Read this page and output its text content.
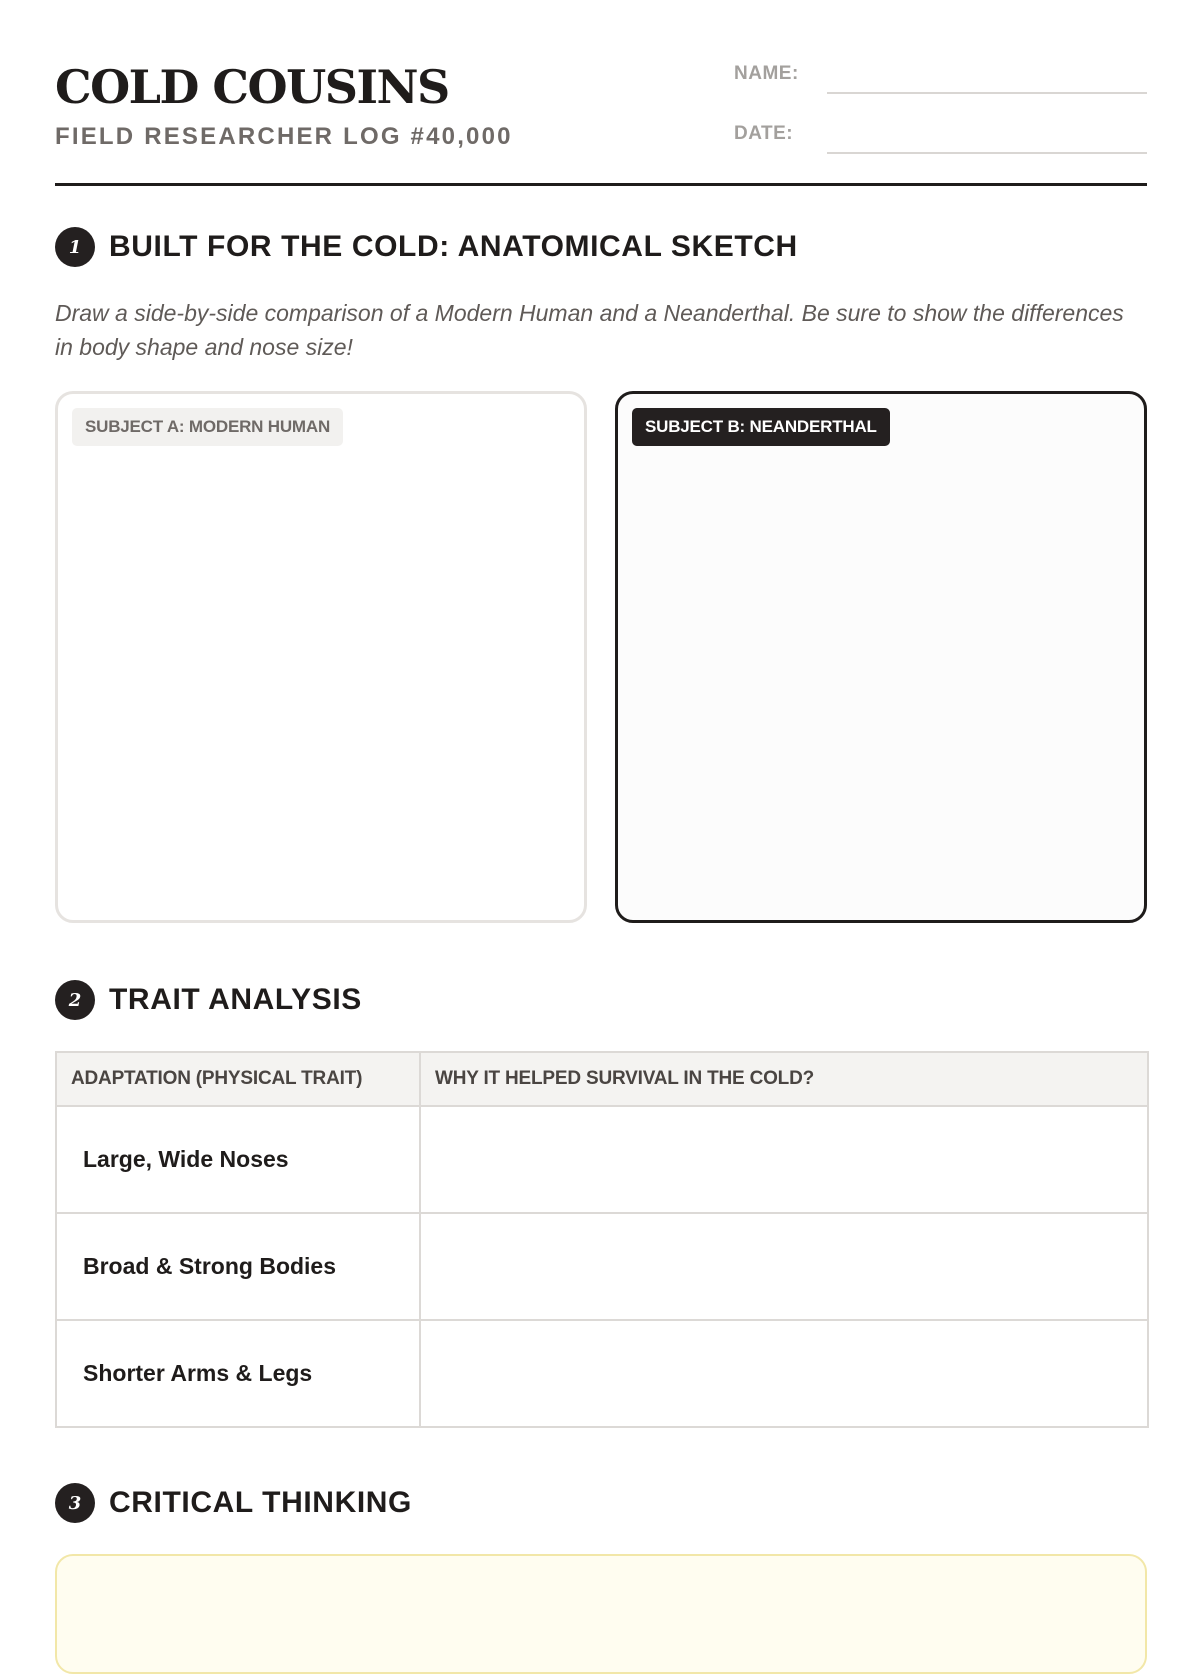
COLD COUSINS
FIELD RESEARCHER LOG #40,000
NAME:
DATE:
1 BUILT FOR THE COLD: ANATOMICAL SKETCH

Draw a side-by-side comparison of a Modern Human and a Neanderthal. Be sure to show the differences in body shape and nose size!

SUBJECT A: MODERN HUMAN	SUBJECT B: NEANDERTHAL
2 TRAIT ANALYSIS
ADAPTATION (PHYSICAL TRAIT)	WHY IT HELPED SURVIVAL IN THE COLD?
Large, Wide Noses	
Broad & Strong Bodies	
Shorter Arms & Legs	
3 CRITICAL THINKING
